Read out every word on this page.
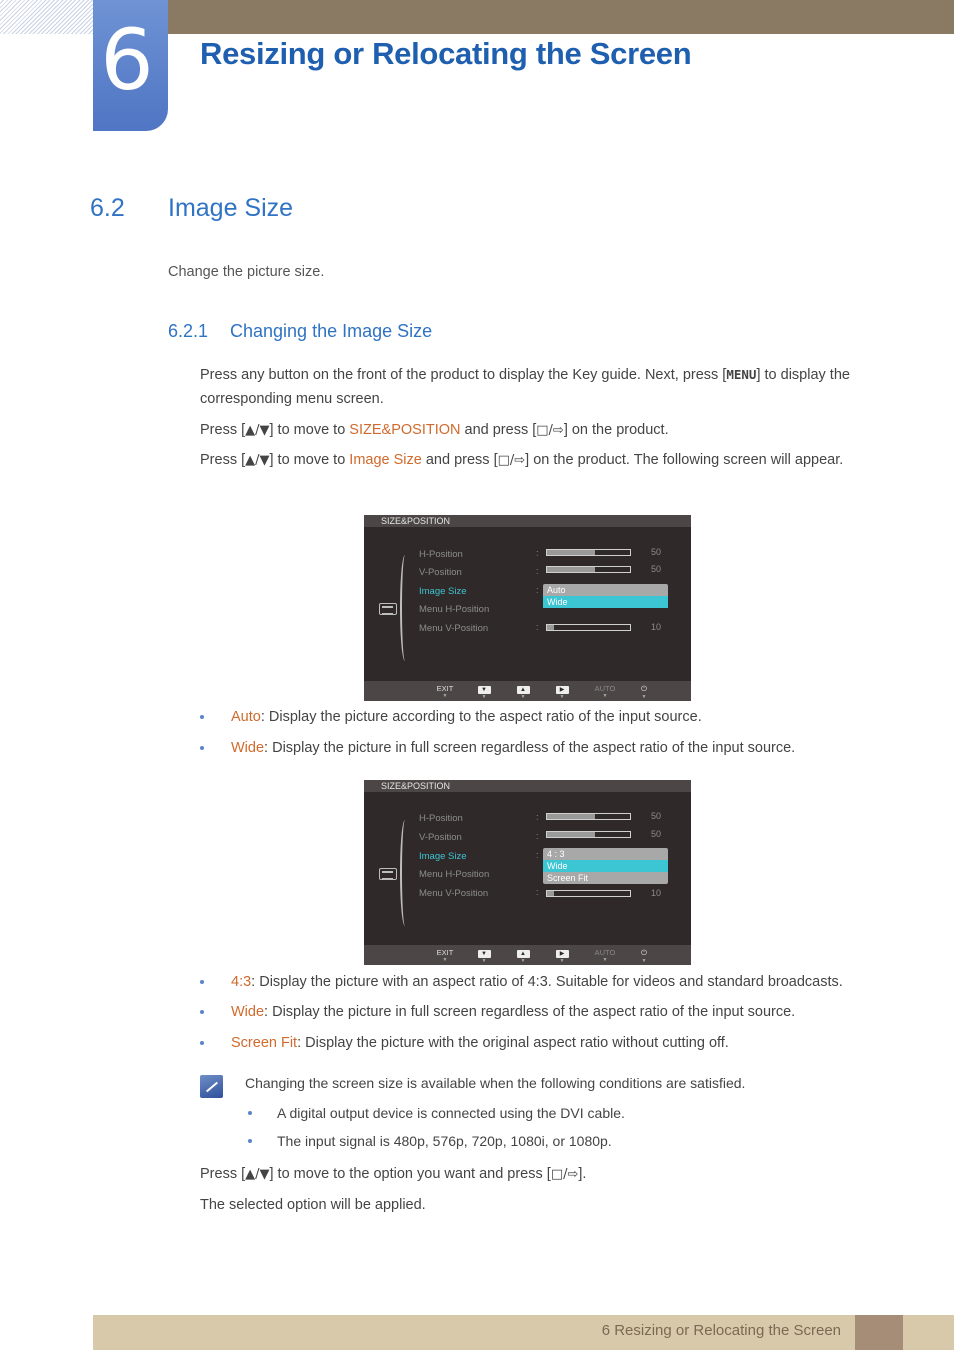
6 Resizing or Relocating the Screen
6.2 Image Size
Change the picture size.
6.2.1 Changing the Image Size
Press any button on the front of the product to display the Key guide. Next, press [MENU] to display the corresponding menu screen.
Press [▲/▼] to move to SIZE&POSITION and press [□/⇨] on the product.
Press [▲/▼] to move to Image Size and press [□/⇨] on the product. The following screen will appear.
SIZE&POSITION
H-Position	:	50
V-Position	:	50
Image Size	: Auto
Wide
Menu H-Position
Menu V-Position	:	10
EXIT
▼
▼
▼
▲
▼
▶
▼
AUTO
▼
⏻
▼
Auto: Display the picture according to the aspect ratio of the input source.
Wide: Display the picture in full screen regardless of the aspect ratio of the input source.
SIZE&POSITION
H-Position	:	50
V-Position	:	50
Image Size	: 4 : 3
Wide
Screen Fit
Menu H-Position
Menu V-Position	:	10
EXIT
▼
▼
▼
▲
▼
▶
▼
AUTO
▼
⏻
▼
4:3: Display the picture with an aspect ratio of 4:3. Suitable for videos and standard broadcasts.
Wide: Display the picture in full screen regardless of the aspect ratio of the input source.
Screen Fit: Display the picture with the original aspect ratio without cutting off.
Changing the screen size is available when the following conditions are satisfied.
A digital output device is connected using the DVI cable.
The input signal is 480p, 576p, 720p, 1080i, or 1080p.
Press [▲/▼] to move to the option you want and press [□/⇨].
The selected option will be applied.
6 Resizing or Relocating the Screen
